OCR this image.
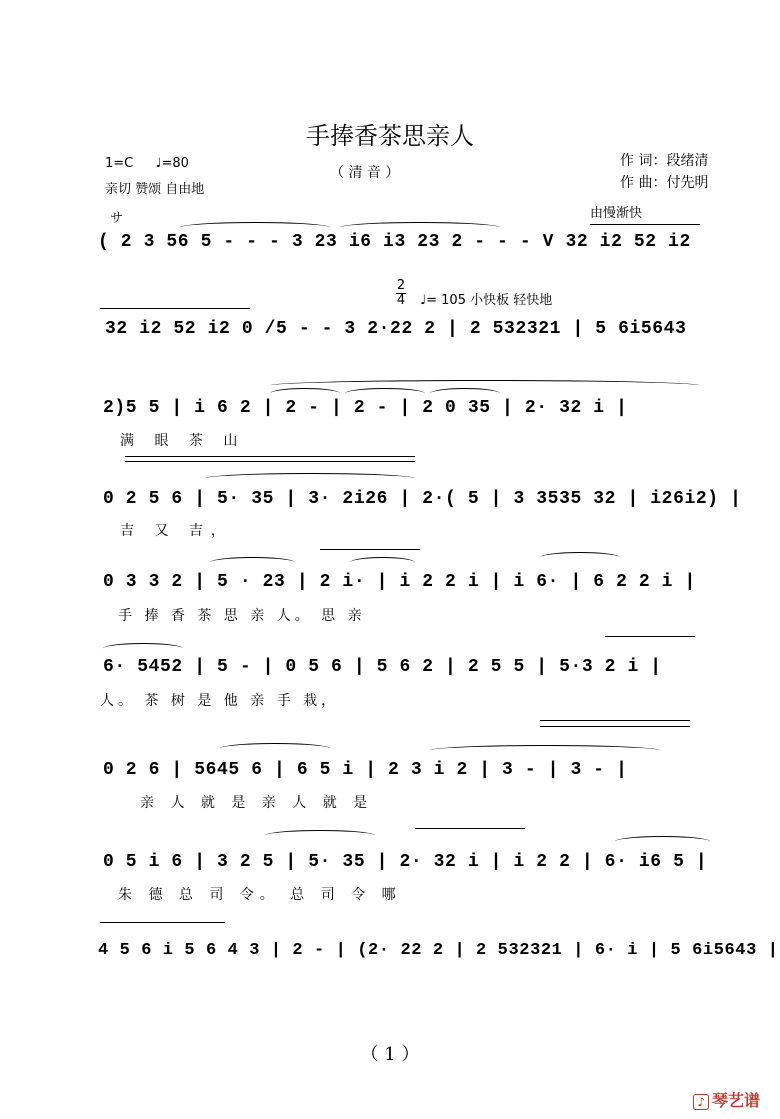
手捧香茶思亲人
1=C ♩=80
亲切 赞颂 自由地
（ 清 音 ）
作 词：段绪清
作 曲：付先明
サ	由慢渐快
2
4 ♩= 105 小快板 轻快地
( 2 3 56 5 - - - 3 23 i6 i3 23 2 - - - V 32 i2 52 i2
32 i2 52 i2 0 /5 - - 3 2·22 2 | 2 532321 | 5 6i5643
2)5 5 | i 6 2 | 2 - | 2 - | 2 0 35 | 2· 32 i |
满 眼 茶 山
0 2 5 6 | 5· 35 | 3· 2i26 | 2·( 5 | 3 3535 32 | i26i2) |
吉 又 吉，
0 3 3 2 | 5 · 23 | 2 i· | i 2 2 i | i 6· | 6 2 2 i |
手 捧 香 茶 思 亲 人。 思 亲
6· 5452 | 5 - | 0 5 6 | 5 6 2 | 2 5 5 | 5·3 2 i |
人。 茶 树 是 他 亲 手 栽，
0 2 6 | 5645 6 | 6 5 i | 2 3 i 2 | 3 - | 3 - |
亲 人 就 是 亲 人 就 是
0 5 i 6 | 3 2 5 | 5· 35 | 2· 32 i | i 2 2 | 6· i6 5 |
朱 德 总 司 令。 总 司 令 哪
4 5 6 i 5 6 4 3 | 2 - | (2· 22 2 | 2 532321 | 6· i | 5 6i5643 |
（ 1 ）
♪ 琴艺谱
